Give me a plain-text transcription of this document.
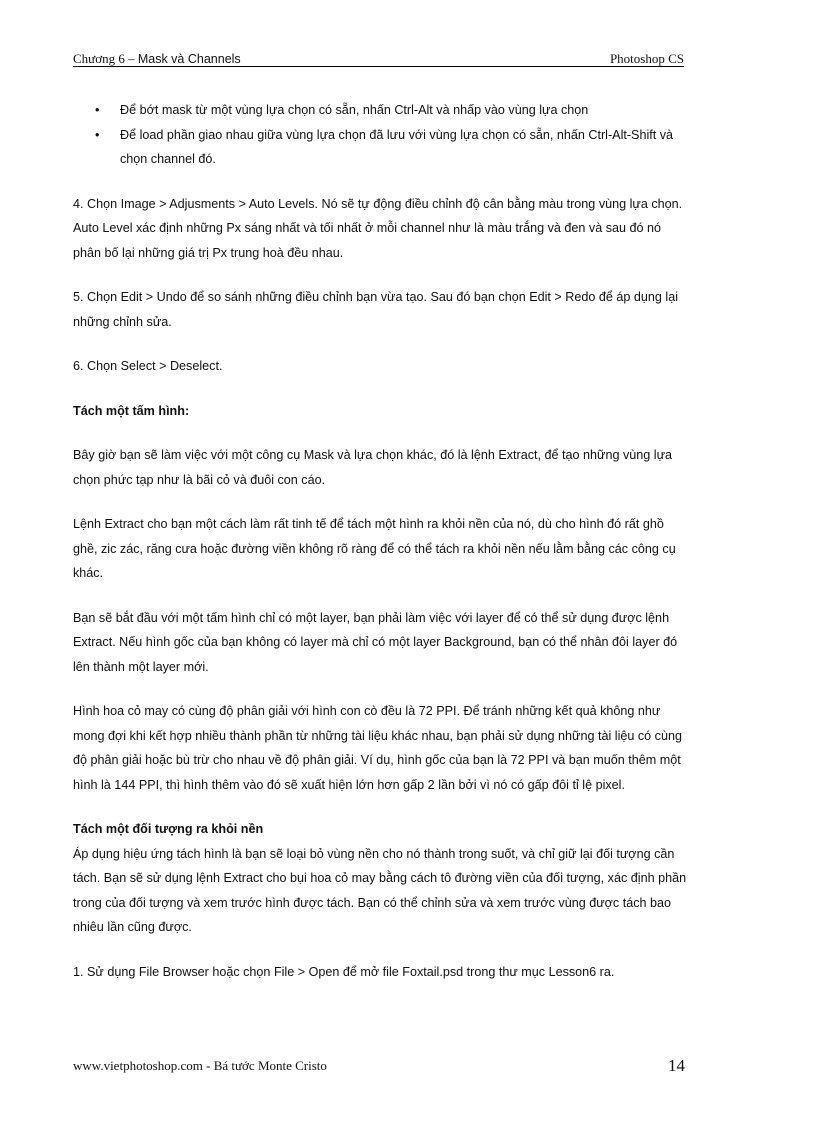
Chương 6 – Mask và Channels	Photoshop CS
• Để bớt mask từ một vùng lựa chọn có sẵn, nhấn Ctrl-Alt và nhấp vào vùng lựa chọn
• Để load phần giao nhau giữa vùng lựa chọn đã lưu với vùng lựa chọn có sẵn, nhấn Ctrl-Alt-Shift và chọn channel đó.

4. Chọn Image > Adjusments > Auto Levels. Nó sẽ tự động điều chỉnh độ cân bằng màu trong vùng lựa chọn. Auto Level xác định những Px sáng nhất và tối nhất ở mỗi channel như là màu trắng và đen và sau đó nó phân bố lại những giá trị Px trung hoà đều nhau.

5. Chọn Edit > Undo để so sánh những điều chỉnh bạn vừa tạo. Sau đó bạn chọn Edit > Redo để áp dụng lại những chỉnh sửa.

6. Chọn Select > Deselect.

Tách một tấm hình:

Bây giờ bạn sẽ làm việc với một công cụ Mask và lựa chọn khác, đó là lệnh Extract, để tạo những vùng lựa chọn phức tạp như là bãi cỏ và đuôi con cáo.

Lệnh Extract cho bạn một cách làm rất tinh tế để tách một hình ra khỏi nền của nó, dù cho hình đó rất ghồ ghề, zic zác, răng cưa hoặc đường viền không rõ ràng để có thể tách ra khỏi nền nếu lằm bằng các công cụ khác.

Bạn sẽ bắt đầu với một tấm hình chỉ có một layer, bạn phải làm việc với layer để có thể sử dụng được lệnh Extract. Nếu hình gốc của bạn không có layer mà chỉ có một layer Background, bạn có thể nhân đôi layer đó lên thành một layer mới.

Hình hoa cỏ may có cùng độ phân giải với hình con cò đều là 72 PPI. Để tránh những kết quả không như mong đợi khi kết hợp nhiều thành phần từ những tài liệu khác nhau, bạn phải sử dụng những tài liệu có cùng độ phân giải hoặc bù trừ cho nhau về độ phân giải. Ví dụ, hình gốc của bạn là 72 PPI và bạn muốn thêm một hình là 144 PPI, thì hình thêm vào đó sẽ xuất hiện lớn hơn gấp 2 lần bởi vì nó có gấp đôi tỉ lệ pixel.

Tách một đối tượng ra khỏi nền

Áp dụng hiệu ứng tách hình là bạn sẽ loại bỏ vùng nền cho nó thành trong suốt, và chỉ giữ lại đối tượng cần tách. Bạn sẽ sử dụng lệnh Extract cho bụi hoa cỏ may bằng cách tô đường viền của đối tượng, xác định phần trong của đối tượng và xem trước hình được tách. Bạn có thể chỉnh sửa và xem trước vùng được tách bao nhiêu lần cũng được.

1. Sử dụng File Browser hoặc chọn File > Open để mở file Foxtail.psd trong thư mục Lesson6 ra.

www.vietphotoshop.com - Bá tước Monte Cristo	14
